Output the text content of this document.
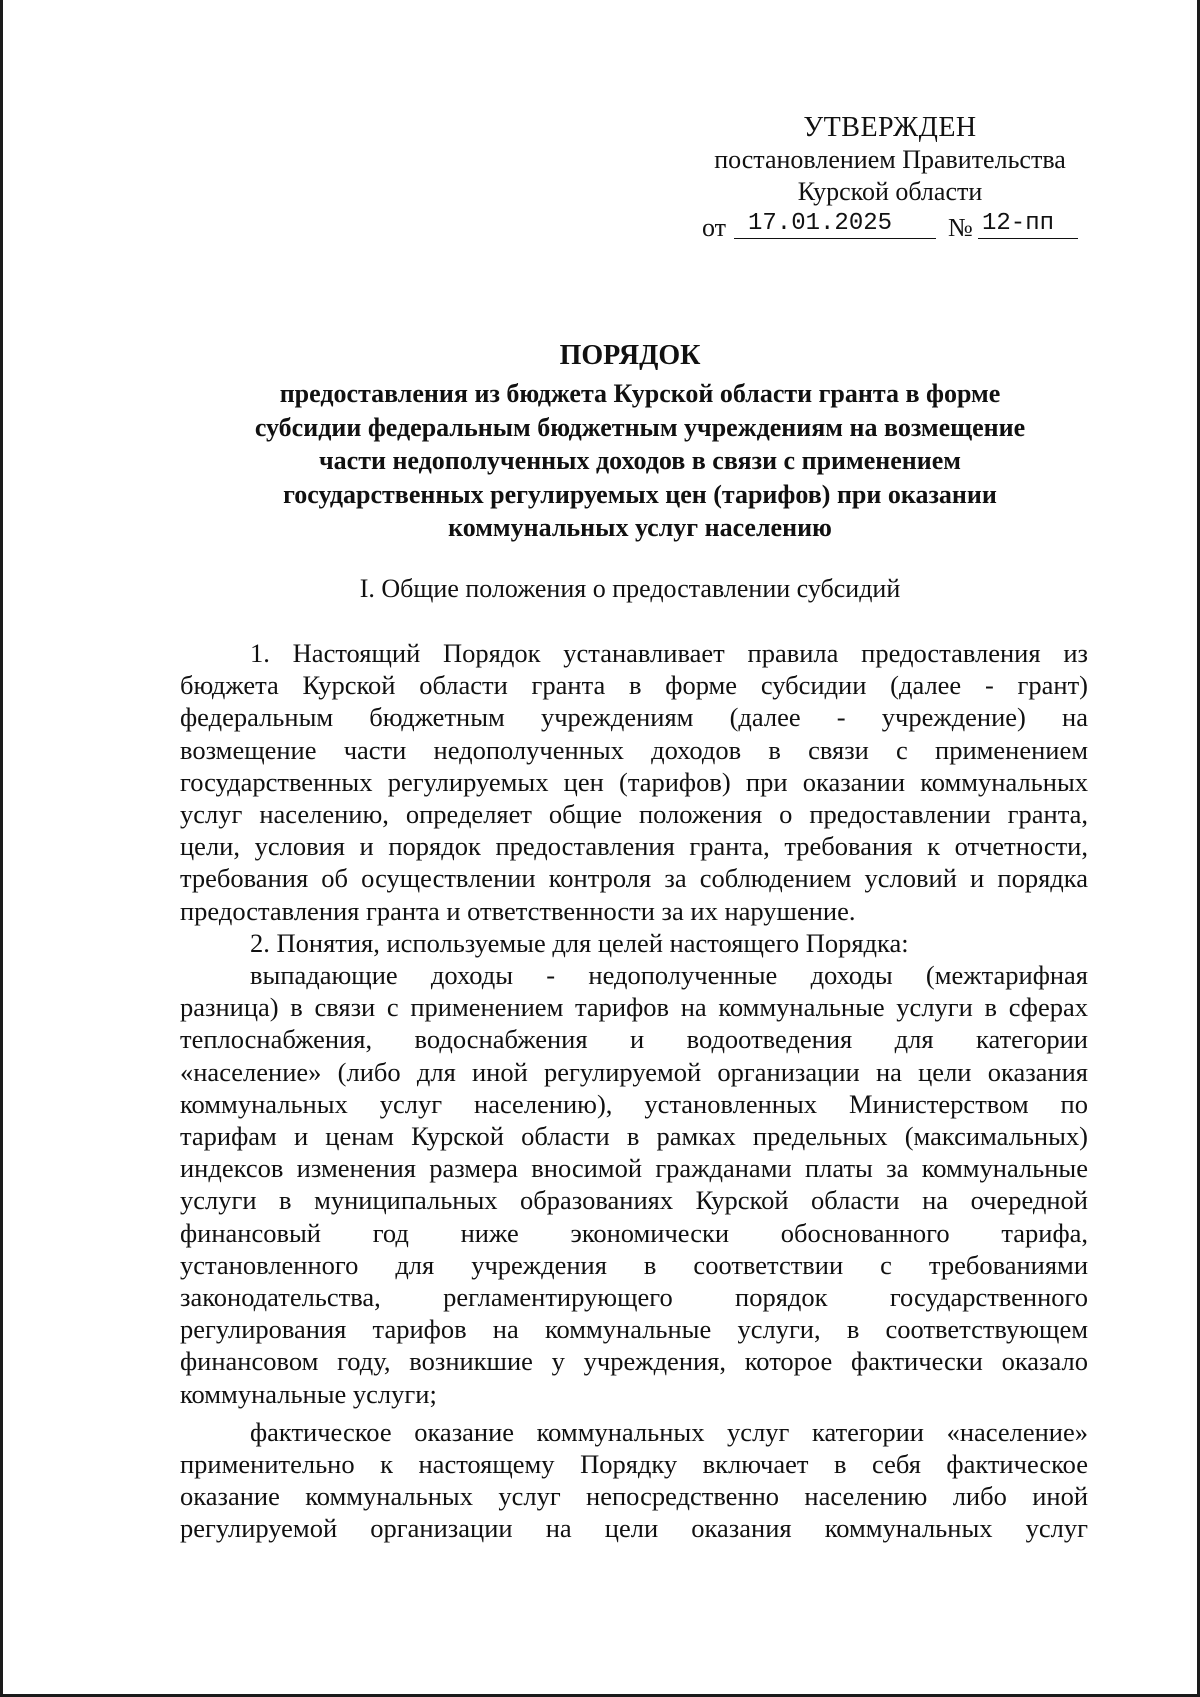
УТВЕРЖДЕН
постановлением Правительства
Курской области
от 17.01.2025 № 12-пп
ПОРЯДОК
предоставления из бюджета Курской области гранта в форме
субсидии федеральным бюджетным учреждениям на возмещение
части недополученных доходов в связи с применением
государственных регулируемых цен (тарифов) при оказании
коммунальных услуг населению
I. Общие положения о предоставлении субсидий
1. Настоящий Порядок устанавливает правила предоставления из
бюджета Курской области гранта в форме субсидии (далее - грант)
федеральным бюджетным учреждениям (далее - учреждение) на
возмещение части недополученных доходов в связи с применением
государственных регулируемых цен (тарифов) при оказании коммунальных
услуг населению, определяет общие положения о предоставлении гранта,
цели, условия и порядок предоставления гранта, требования к отчетности,
требования об осуществлении контроля за соблюдением условий и порядка
предоставления гранта и ответственности за их нарушение.
2. Понятия, используемые для целей настоящего Порядка:
выпадающие доходы - недополученные доходы (межтарифная
разница) в связи с применением тарифов на коммунальные услуги в сферах
теплоснабжения, водоснабжения и водоотведения для категории
«население» (либо для иной регулируемой организации на цели оказания
коммунальных услуг населению), установленных Министерством по
тарифам и ценам Курской области в рамках предельных (максимальных)
индексов изменения размера вносимой гражданами платы за коммунальные
услуги в муниципальных образованиях Курской области на очередной
финансовый год ниже экономически обоснованного тарифа,
установленного для учреждения в соответствии с требованиями
законодательства, регламентирующего порядок государственного
регулирования тарифов на коммунальные услуги, в соответствующем
финансовом году, возникшие у учреждения, которое фактически оказало
коммунальные услуги;
фактическое оказание коммунальных услуг категории «население»
применительно к настоящему Порядку включает в себя фактическое
оказание коммунальных услуг непосредственно населению либо иной
регулируемой организации на цели оказания коммунальных услуг
